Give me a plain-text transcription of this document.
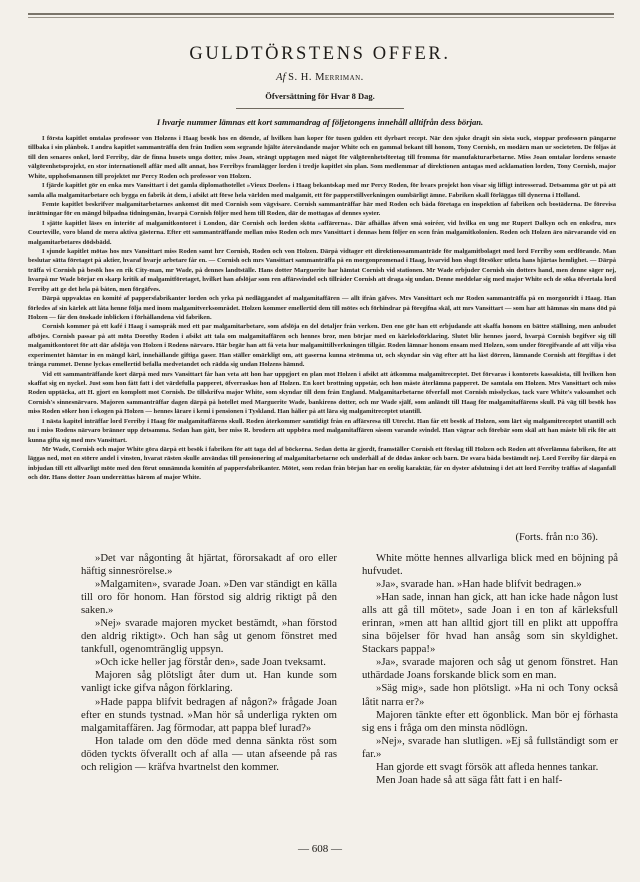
GULDTÖRSTENS OFFER.
Af S. H. Merriman.
Öfversättning för Hvar 8 Dag.
I hvarje nummer lämnas ett kort sammandrag af följetongens innehåll alltifrån dess början.

I första kapitlet omtalas professor von Holzens i Haag besök hos en döende, af hvilken han koper för tusen gulden ett dyrbart recept. När den sjuke dragit sin sista suck, stoppar professorn pängarne tillbaka i sin plånbok. I andra kapitlet sammanträffa den från Indien som segrande hjälte återvändande major White och en gammal bekant till honom, Tony Cornish, en modärn man ur societeten. De följas åt till den senares onkel, lord Ferriby, där de finna husets unga dotter, miss Joan, strängt upptagen med något för välgörenhetsföretag till fromma för manufakturarbetarne. Miss Joan omtalar lordens senaste välgörenhetsprojekt, en stor internationell affär med allt annat, hos Ferribys framlägger lorden i tredje kapitlet sin plan. Som medlemmar af direktionen antagas med acklamation lorden, Tony Cornish, major White, upphofsmannen till projektet mr Percy Roden och professor von Holzen.

I fjärde kapitlet gör en enka mrs Vansittart i det gamla diplomathotellet »Vieux Doelen» i Haag bekantskap med mr Percy Roden, för hvars projekt hon visar sig lifligt intresserad. Detsamma gör ut på att samla alla malgamitarbetare och bygga en fabrik åt dem, i afsikt att förse hela världen med malgamit, ett för papperstillverkningen oumbärligt ämne. Fabriken skall förläggas till dynerna i Holland.

Femte kapitlet beskrifver malgamitarbetarnes ankomst dit med Cornish som vägvisare. Cornish sammanträffar här med Roden och båda företaga en inspektion af fabriken och bostäderna. De förevisa inrättningar för en mängd bilpadna tidningsmän, hvarpå Cornish följer med hem till Roden, där de mottagas af dennes syster.

I sjätte kapitlet läses en interiör af malgamitkontoret i London, där Cornish och lorden sköta »affärerna». Där afhållas äfven små soiréer, vid hvilka en ung mr Rupert Dalkyn och en enksfru, mrs Courteville, voro bland de mera aktiva gästerna. Efter ett sammanträffande mellan miss Roden och mrs Vansittart i dennas hem följer en scen från malgamitkolonien. Roden och Holzen äro närvarande vid en malgamitarbetares dödsbädd.

I sjunde kapitlet mötas hos mrs Vansittart miss Roden samt hrr Cornish, Roden och von Holzen. Därpå vidtager ett direktionssammanträde för malgamitbolaget med lord Ferriby som ordförande. Man beslutar sätta företaget på aktier, hvaraf hvarje arbetare får en. — Cornish och mrs Vansittart sammanträffa på en morgonpromenad i Haag, hvarvid hon slugt försöker utleta hans hjärtas hemlighet. — Därpå träffa vi Cornish på besök hos en rik City-man, mr Wade, på dennes landtställe. Hans dotter Marguerite har hämtat Cornish vid stationen. Mr Wade erbjuder Cornish sin dotters hand, men denne säger nej, hvarpå mr Wade börjar en skarp kritik af malgamitföretaget, hvilket han afslöjar som ren affärsvindel och tillråder Cornish att draga sig undan. Denne meddelar sig med major White och de söka öfvertala lord Ferriby att ge det hela på båten, men förgäfves.

Därpå uppvaktas en komité af pappersfabrikanter lorden och yrka på nedläggandet af malgamitaffären — allt ifrån gäfves. Mrs Vansittart och mr Roden sammanträffa på en morgonridt i Haag. Han förledes af sin kärlek att låta henne följa med inom malgamitverksområdet. Holzen kommer emellertid dem till mötes och förhindrar på föregifna skäl, att mrs Vansittart — som har att hämnas sin mans död på Holzen — får den önskade inblicken i förhållandena vid fabriken.

Cornish kommer på ett kafé i Haag i samspråk med ett par malgamitarbetare, som afslöja en del detaljer från verken. Den ene gör han ett erbjudande att skaffa honom en bättre ställning, men anbudet afböjes. Cornish passar på att möta Dorothy Roden i afsikt att tala om malgamitaffären och hennes bror, men börjar med en kärleksförklaring. Slutet blir hennes jaord, hvarpå Cornish begifver sig till malgamitkontoret för att där afslöja von Holzen i Rodens närvaro. Här begär han att få veta hur malgamittillverkningen tillgår. Roden lämnar honom ensam med Holzen, som under föregifvande af att vilja visa experimentet hämtar in en mängd kärl, innehållande giftiga gaser. Han ställer omärkligt om, att gaserna kunna strömma ut, och skyndar sin väg efter att ha låst dörren, lämnande Cornish att förgiftas i det trånga rummet. Denne lyckas emellertid befalla medvetandet och rädda sig undan Holzens hämnd.

Vid ett sammanträffande kort därpå med mrs Vansittart får han veta att hon har uppgjort en plan mot Holzen i afsikt att åtkomma malgamitreceptet. Det förvaras i kontorets kassakista, till hvilken hon skaffat sig en nyckel. Just som hon fått fatt i det värdefulla papperet, öfverraskas hon af Holzen. En kort brottning uppstår, och hon måste återlämna papperet. De samtala om Holzen. Mrs Vansittart och miss Roden upptäcka, att H. gjort en komplott mot Cornish. De tillskrifva major White, som skyndar till dem från England. Malgamitarbetarne öfverfall mot Cornish misslyckas, tack vare White's vaksamhet och Cornish's sinnesnärvaro. Majoren sammanträffar dagen därpå på hotellet med Marguerite Wade, bankirens dotter, och mr Wade själf, som anländt till Haag för malgamitaffärens skull. På väg till besök hos miss Roden söker hon i ekogen på Holzen — hennes lärare i kemi i pensionen i Tyskland. Han hålier på att lära sig malgamitreceptet utantill.

I nästa kapitel inträffar lord Ferriby i Haag för malgamitaffärens skull. Roden återkommer samtidigt från en affärsresa till Utrecht. Han får ett besök af Holzen, som lärt sig malgamitreceptet utantill och nu i miss Rodens närvaro bränner upp detsamma. Sedan han gått, ber miss R. brodern att uppböra med malgamitaffären såsom varande svindel. Han vägrar och förebär som skäl att han måste bli rik för att kunna gifta sig med mrs Vansittart.

Mr Wade, Cornish och major White göra därpå ett besök i fabriken för att taga del af böckerna. Sedan detta är gjordt, framställer Cornish ett förslag till Holzen och Roden att öfverlämna fabriken, för att läggas ned, mot en större andel i vinsten, hvarat rästen skulle användas till pensionering af malgamitarbetarne och underhåll af de dödas änkor och barn. De svara båda bestämdt nej. Lord Ferriby får därpå en inbjudan till ett allvarligt möte med den förut omnämnda komitén af pappersfabrikanter. Mötet, som redan från början har en orolig karaktär, får en dyster afslutning i det att lord Ferriby träffas af slaganfall och dör. Hans dotter Joan underrättas härom af major White.

(Forts. från n:o 36).

»Det var någonting åt hjärtat, förorsakadt af oro eller häftig sinnesrörelse.»

»Malgamiten», svarade Joan. »Den var ständigt en källa till oro för honom. Han förstod sig aldrig riktigt på den saken.»

»Nej» svarade majoren mycket bestämdt, »han förstod den aldrig riktigt». Och han såg ut genom fönstret med tankfull, ogenomtränglig uppsyn.

»Och icke heller jag förstår den», sade Joan tveksamt.

Majoren såg plötsligt åter dum ut. Han kunde som vanligt icke gifva någon förklaring.

»Hade pappa blifvit bedragen af någon?» frågade Joan efter en stunds tystnad. »Man hör så underliga rykten om malgamitaffären. Jag förmodar, att pappa blef lurad?»

Hon talade om den döde med denna sänkta röst som döden tyckts öfverallt och af alla — utan afseende på ras och religion — kräfva hvartnelst den kommer.

White mötte hennes allvarliga blick med en böjning på hufvudet.

»Ja», svarade han. »Han hade blifvit bedragen.»

»Han sade, innan han gick, att han icke hade någon lust alls att gå till mötet», sade Joan i en ton af kärleksfull erinran, »men att han alltid gjort till en plikt att uppoffra sina böjelser för hvad han ansåg som sin skyldighet. Stackars pappa!»

»Ja», svarade majoren och såg ut genom fönstret. Han uthärdade Joans forskande blick som en man.

»Säg mig», sade hon plötsligt. »Ha ni och Tony också låtit narra er?»

Majoren tänkte efter ett ögonblick. Man bör ej förhasta sig ens i fråga om den minsta nödlögn.

»Nej», svarade han slutligen. »Ej så fullständigt som er far.»

Han gjorde ett svagt försök att afleda hennes tankar.

Men Joan hade så att säga fått fatt i en half-

— 608 —
